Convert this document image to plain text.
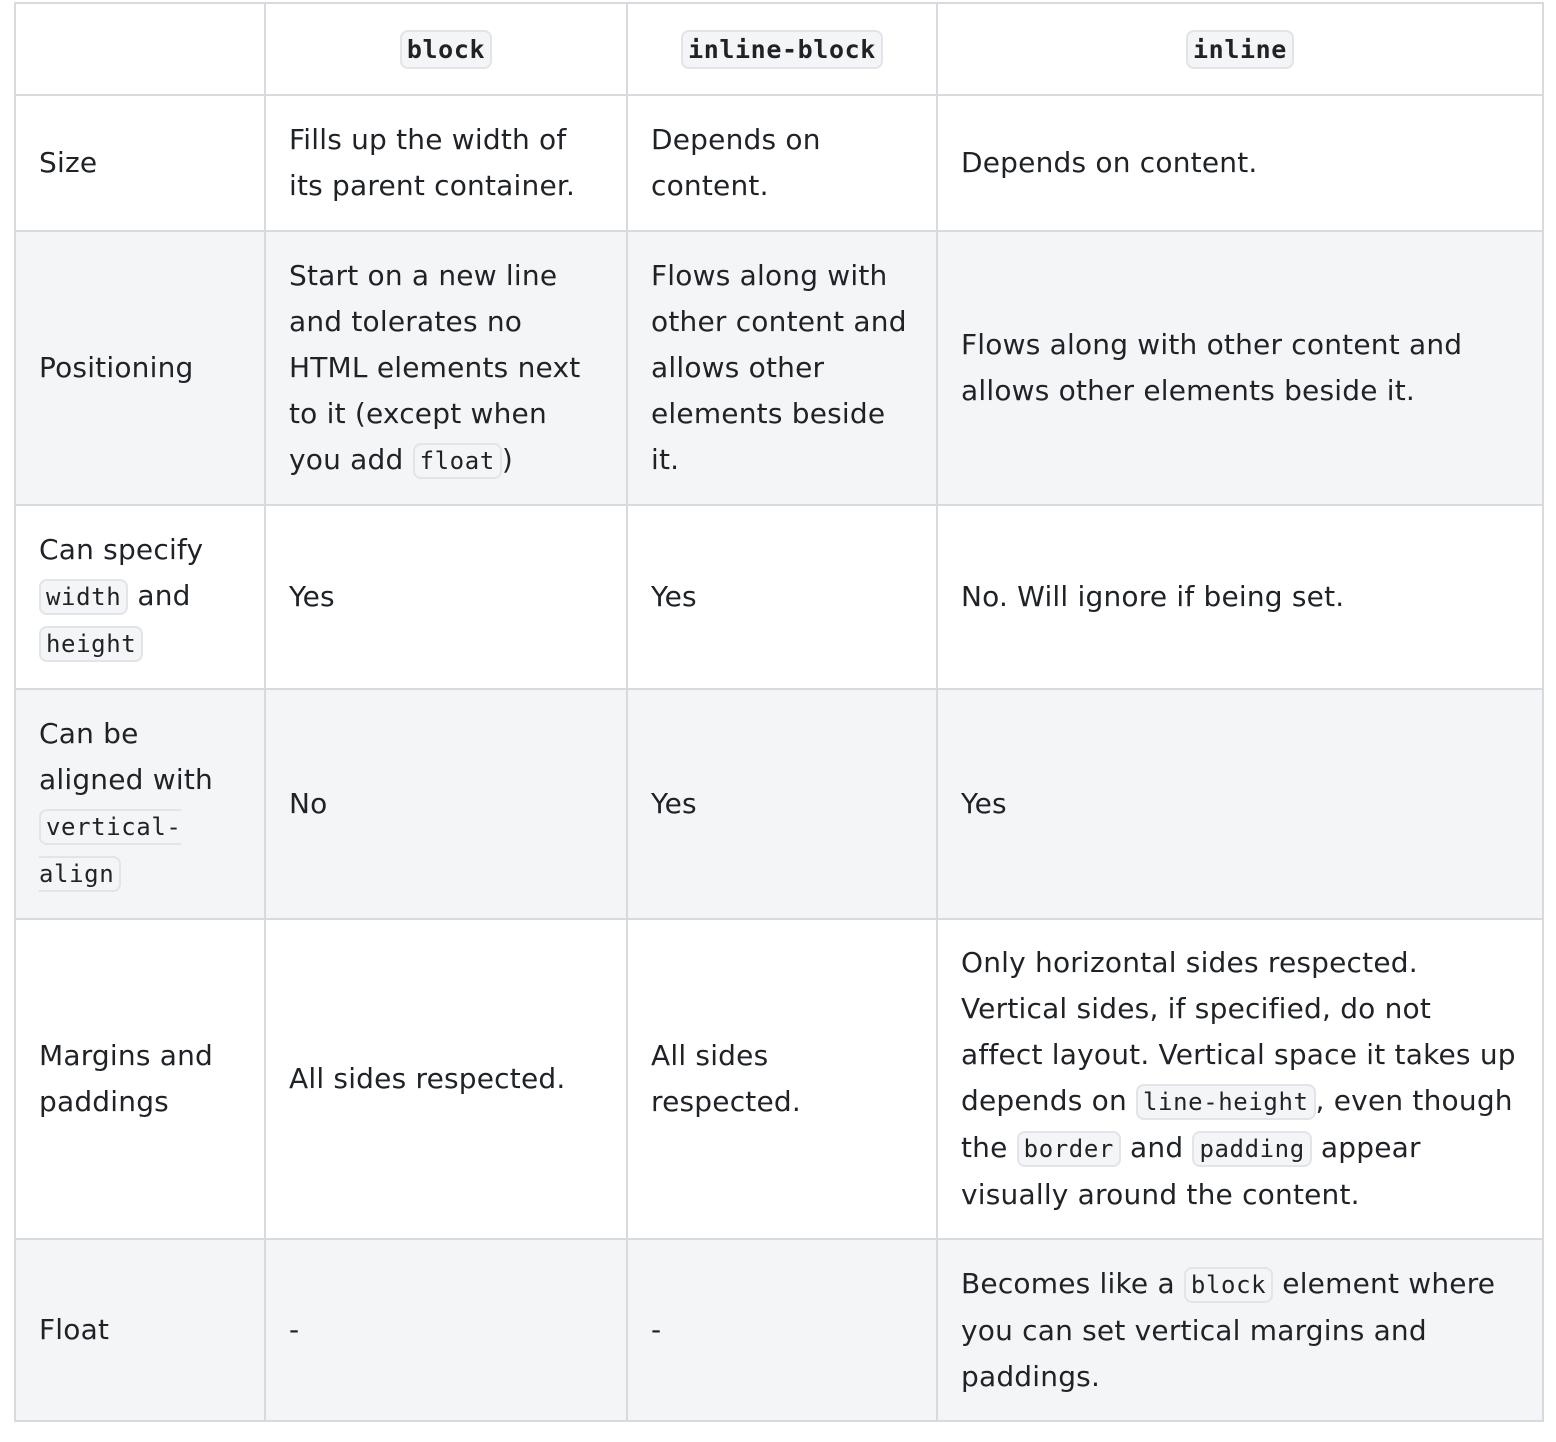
	block	inline-block	inline
Size	Fills up the width of its parent container.	Depends on content.	Depends on content.
Positioning	Start on a new line and tolerates no HTML elements next to it (except when you add float )	Flows along with other content and allows other elements beside it.	Flows along with other content and allows other elements beside it.
Can specify width and height	Yes	Yes	No. Will ignore if being set.
Can be aligned with vertical-align	No	Yes	Yes
Margins and paddings	All sides respected.	All sides respected.	Only horizontal sides respected. Vertical sides, if specified, do not affect layout. Vertical space it takes up depends on line-height , even though the border and padding appear visually around the content.
Float	-	-	Becomes like a block element where you can set vertical margins and paddings.
